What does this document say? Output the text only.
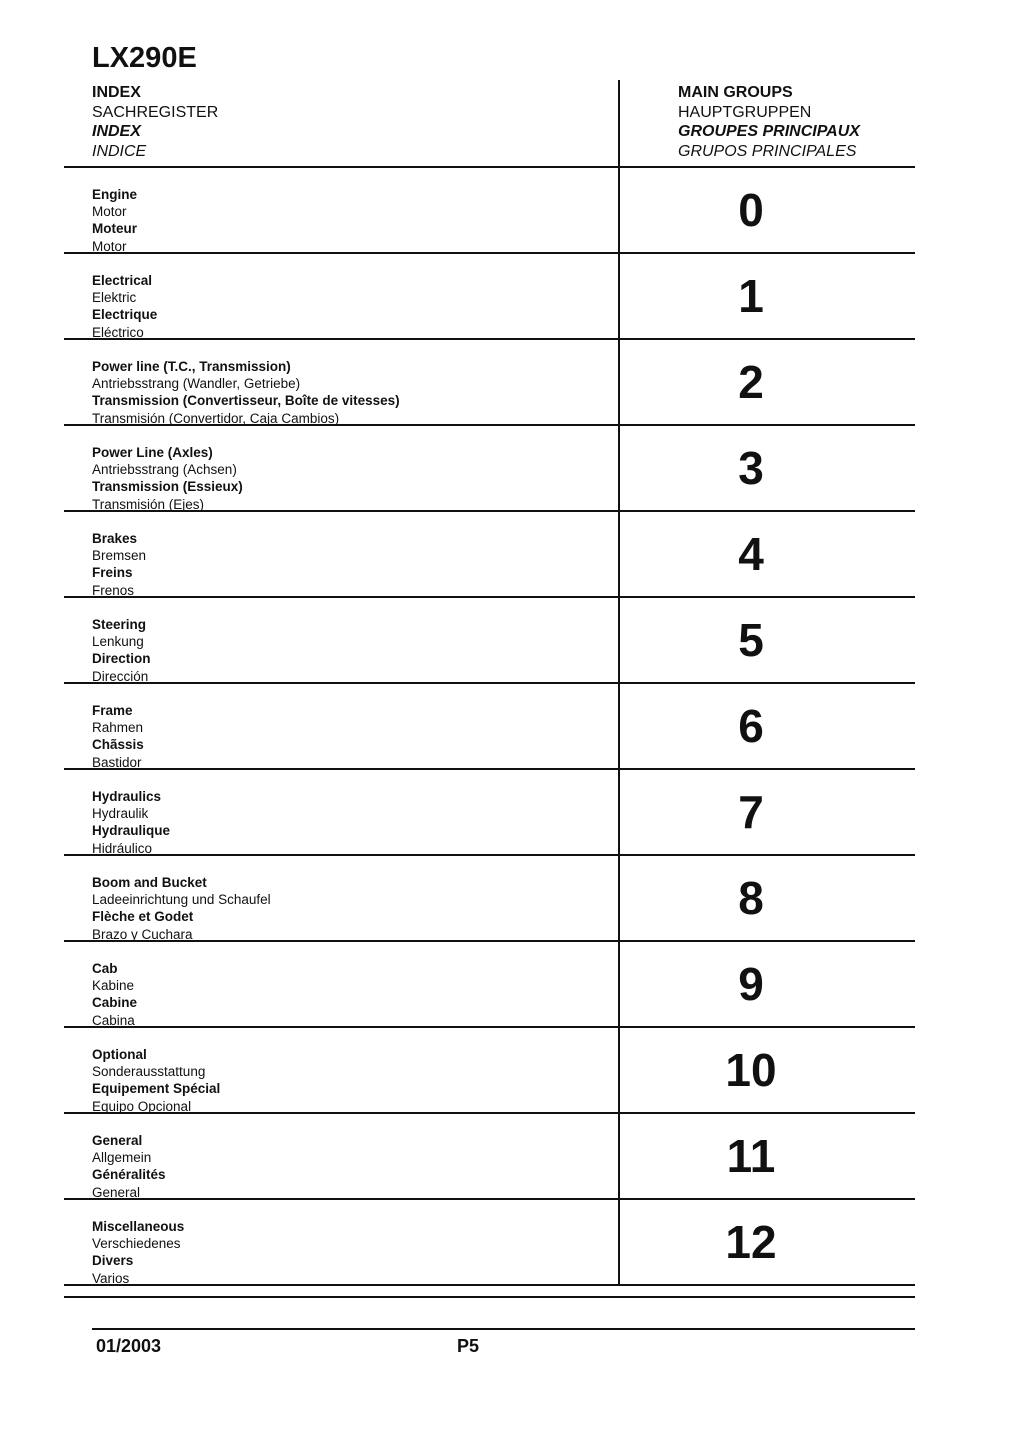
LX290E
INDEX
SACHREGISTER
INDEX
INDICE
MAIN GROUPS
HAUPTGRUPPEN
GROUPES PRINCIPAUX
GRUPOS PRINCIPALES
Engine
Motor
Moteur
Motor
0
Electrical
Elektric
Electrique
Eléctrico
1
Power line (T.C., Transmission)
Antriebsstrang (Wandler, Getriebe)
Transmission (Convertisseur, Boîte de vitesses)
Transmisión (Convertidor, Caja Cambios)
2
Power Line (Axles)
Antriebsstrang (Achsen)
Transmission (Essieux)
Transmisión (Ejes)
3
Brakes
Bremsen
Freins
Frenos
4
Steering
Lenkung
Direction
Dirección
5
Frame
Rahmen
Chãssis
Bastidor
6
Hydraulics
Hydraulik
Hydraulique
Hidráulico
7
Boom and Bucket
Ladeeinrichtung und Schaufel
Flèche et Godet
Brazo y Cuchara
8
Cab
Kabine
Cabine
Cabina
9
Optional
Sonderausstattung
Equipement Spécial
Equipo Opcional
10
General
Allgemein
Généralités
General
11
Miscellaneous
Verschiedenes
Divers
Varios
12
01/2003	P5
